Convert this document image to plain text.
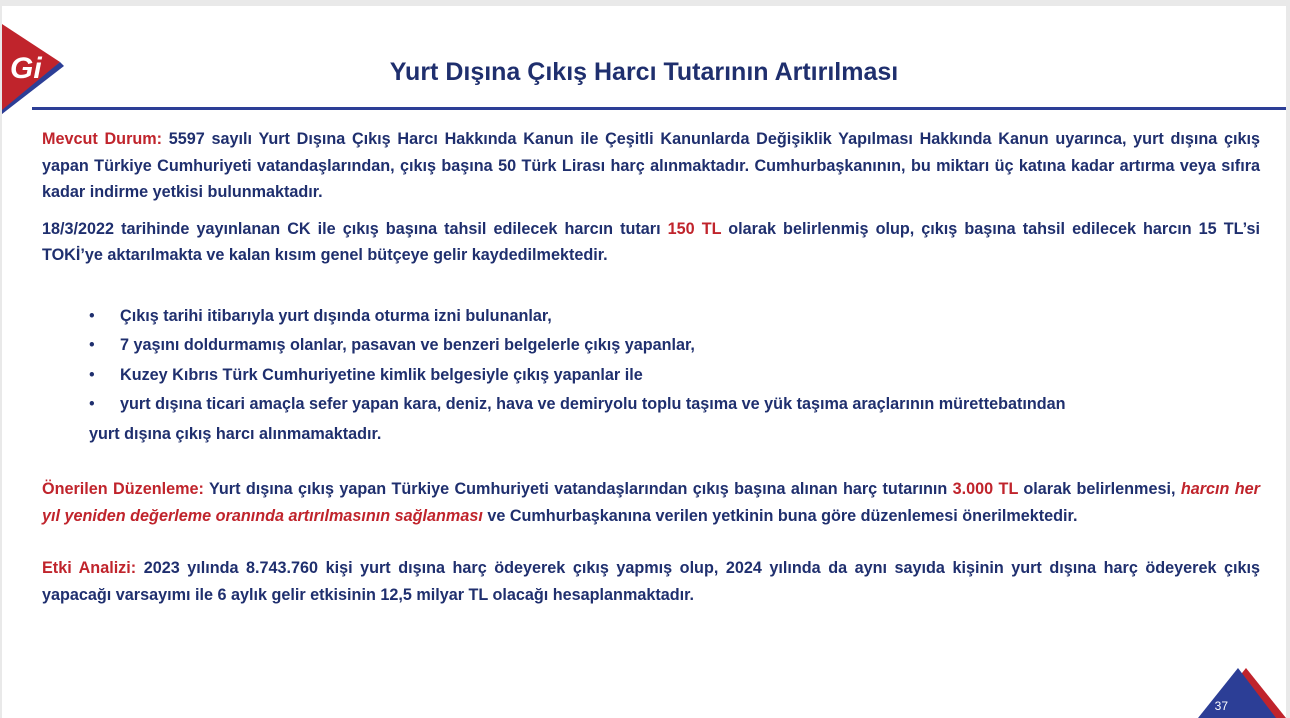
Gi	Yurt Dışına Çıkış Harcı Tutarının Artırılması

Mevcut Durum: 5597 sayılı Yurt Dışına Çıkış Harcı Hakkında Kanun ile Çeşitli Kanunlarda Değişiklik Yapılması Hakkında Kanun uyarınca, yurt dışına çıkış yapan Türkiye Cumhuriyeti vatandaşlarından, çıkış başına 50 Türk Lirası harç alınmaktadır. Cumhurbaşkanının, bu miktarı üç katına kadar artırma veya sıfıra kadar indirme yetkisi bulunmaktadır.

18/3/2022 tarihinde yayınlanan CK ile çıkış başına tahsil edilecek harcın tutarı 150 TL olarak belirlenmiş olup, çıkış başına tahsil edilecek harcın 15 TL’si TOKİ’ye aktarılmakta ve kalan kısım genel bütçeye gelir kaydedilmektedir.

• Çıkış tarihi itibarıyla yurt dışında oturma izni bulunanlar,
• 7 yaşını doldurmamış olanlar, pasavan ve benzeri belgelerle çıkış yapanlar,
• Kuzey Kıbrıs Türk Cumhuriyetine kimlik belgesiyle çıkış yapanlar ile
• yurt dışına ticari amaçla sefer yapan kara, deniz, hava ve demiryolu toplu taşıma ve yük taşıma araçlarının mürettebatından

yurt dışına çıkış harcı alınmamaktadır.

Önerilen Düzenleme: Yurt dışına çıkış yapan Türkiye Cumhuriyeti vatandaşlarından çıkış başına alınan harç tutarının 3.000 TL olarak belirlenmesi, harcın her yıl yeniden değerleme oranında artırılmasının sağlanması ve Cumhurbaşkanına verilen yetkinin buna göre düzenlemesi önerilmektedir.

Etki Analizi: 2023 yılında 8.743.760 kişi yurt dışına harç ödeyerek çıkış yapmış olup, 2024 yılında da aynı sayıda kişinin yurt dışına harç ödeyerek çıkış yapacağı varsayımı ile 6 aylık gelir etkisinin 12,5 milyar TL olacağı hesaplanmaktadır.

37
